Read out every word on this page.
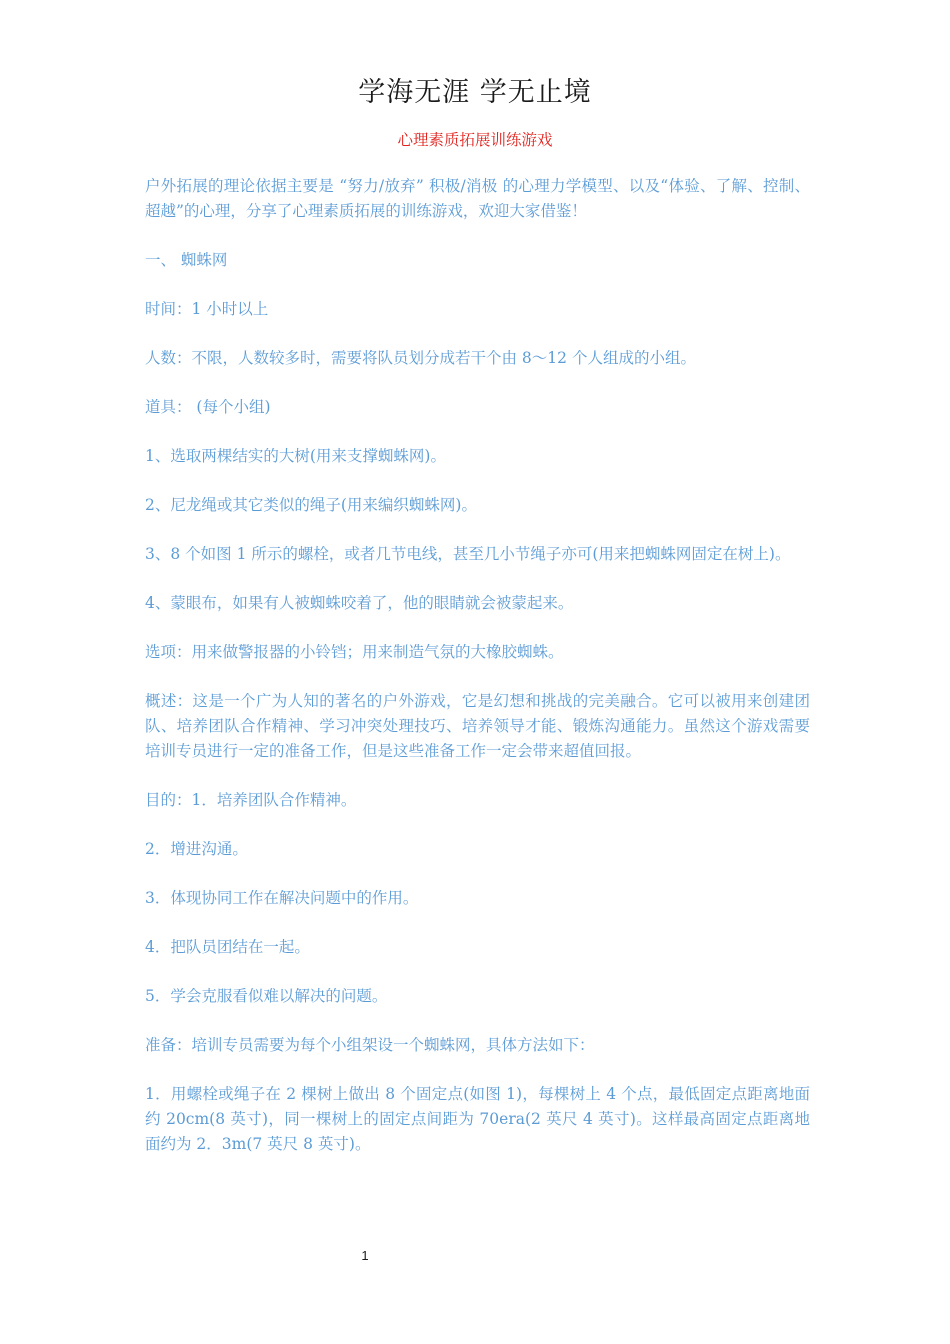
学海无涯 学无止境
心理素质拓展训练游戏

户外拓展的理论依据主要是 “努力/放弃” 积极/消极 的心理力学模型、以及“体验、了解、控制、超越”的心理，分享了心理素质拓展的训练游戏，欢迎大家借鉴！

一、 蜘蛛网

时间：1 小时以上

人数：不限，人数较多时，需要将队员划分成若干个由 8～12 个人组成的小组。

道具： (每个小组)

1、选取两棵结实的大树(用来支撑蜘蛛网)。

2、尼龙绳或其它类似的绳子(用来编织蜘蛛网)。

3、8 个如图 1 所示的螺栓，或者几节电线，甚至几小节绳子亦可(用来把蜘蛛网固定在树上)。

4、蒙眼布，如果有人被蜘蛛咬着了，他的眼睛就会被蒙起来。

选项：用来做警报器的小铃铛；用来制造气氛的大橡胶蜘蛛。

概述：这是一个广为人知的著名的户外游戏，它是幻想和挑战的完美融合。它可以被用来创建团队、培养团队合作精神、学习冲突处理技巧、培养领导才能、锻炼沟通能力。虽然这个游戏需要培训专员进行一定的准备工作，但是这些准备工作一定会带来超值回报。

目的：1．培养团队合作精神。

2．增进沟通。

3．体现协同工作在解决问题中的作用。

4．把队员团结在一起。

5．学会克服看似难以解决的问题。

准备：培训专员需要为每个小组架设一个蜘蛛网，具体方法如下：

1．用螺栓或绳子在 2 棵树上做出 8 个固定点(如图 1)，每棵树上 4 个点，最低固定点距离地面约 20cm(8 英寸)，同一棵树上的固定点间距为 70era(2 英尺 4 英寸)。这样最高固定点距离地面约为 2．3m(7 英尺 8 英寸)。

1
